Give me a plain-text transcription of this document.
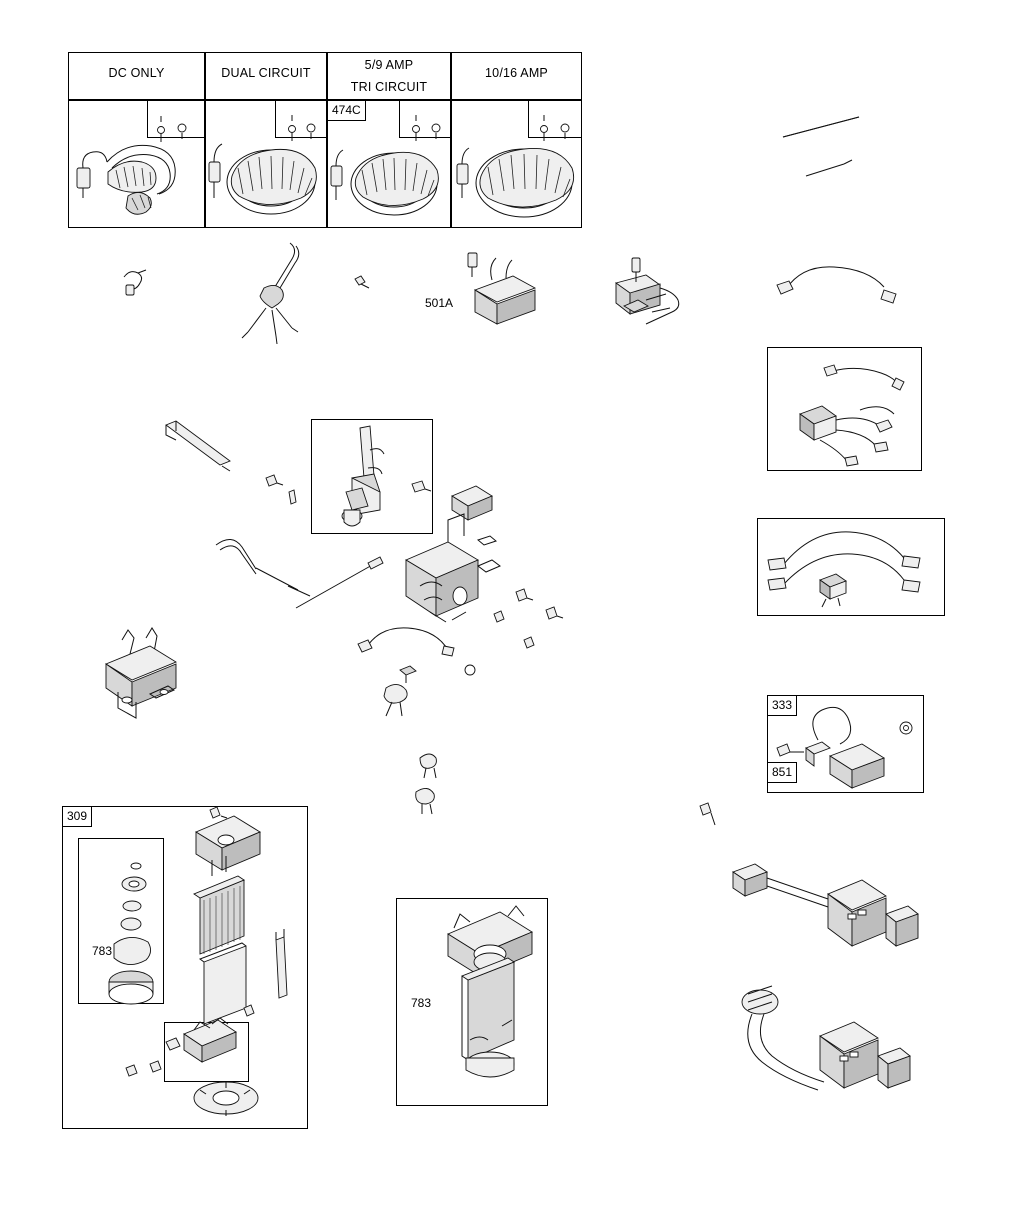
DC ONLY	DUAL CIRCUIT
5/9 AMP
TRI CIRCUIT
10/16 AMP
474C
501A
333
851
309
783
783
